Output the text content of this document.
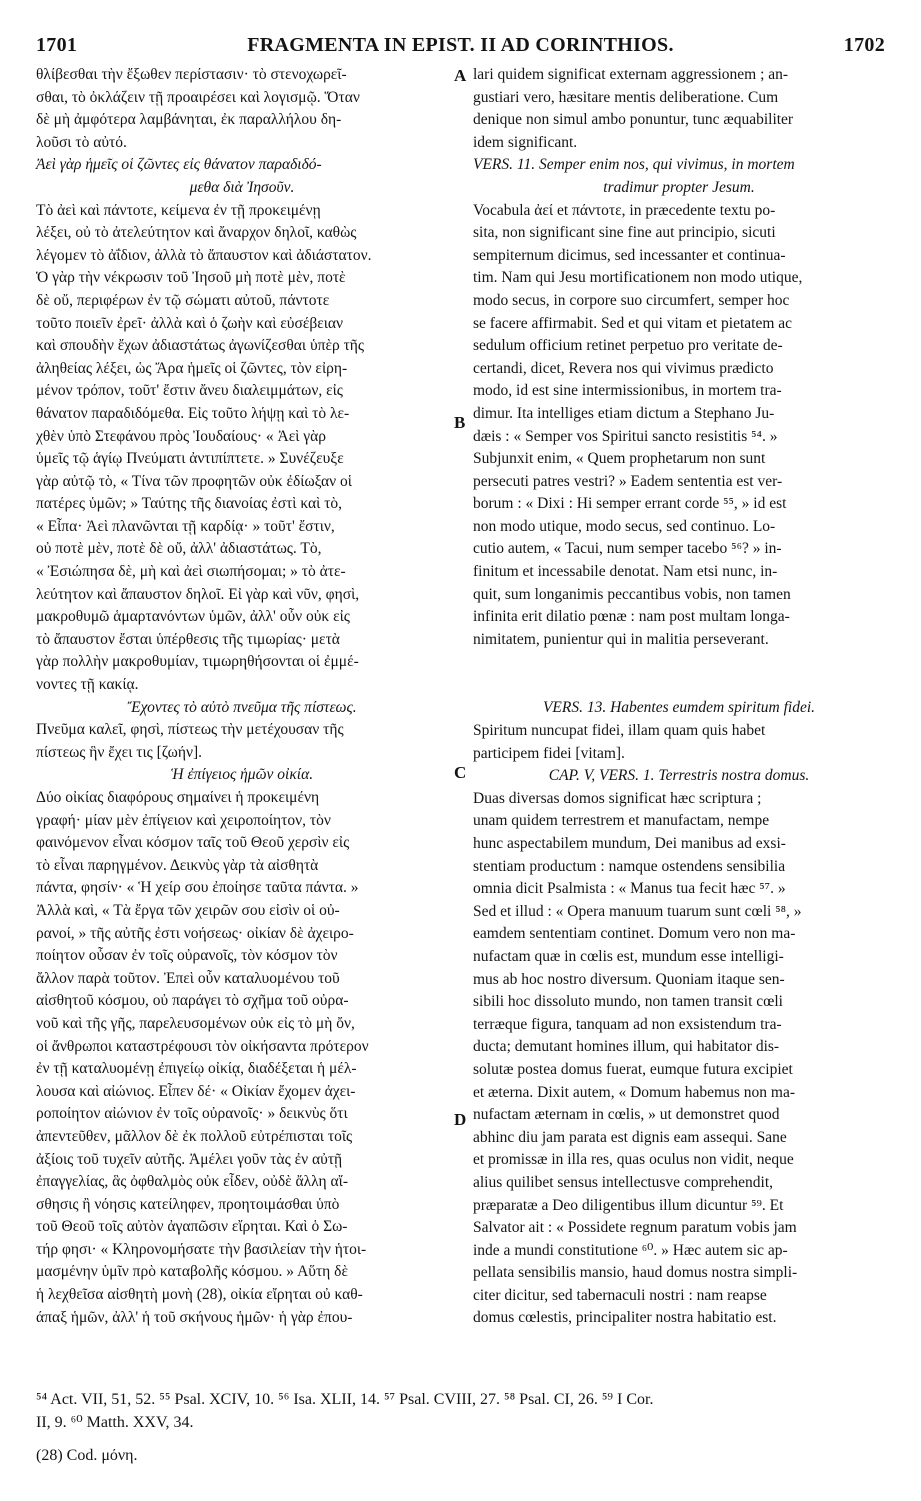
1701	FRAGMENTA IN EPIST. II AD CORINTHIOS.	1702

θλίβεσθαι τὴν ἔξωθεν περίστασιν· τὸ στενοχωρεῖ-

σθαι, τὸ ὀκλάζειν τῇ προαιρέσει καὶ λογισμῷ. Ὅταν

δὲ μὴ ἀμφότερα λαμβάνηται, ἐκ παραλλήλου δη-

λοῦσι τὸ αὐτό.

Ἀεὶ γὰρ ἡμεῖς οἱ ζῶντες εἰς θάνατον παραδιδό-

μεθα διὰ Ἰησοῦν.

Τὸ ἀεὶ καὶ πάντοτε, κείμενα ἐν τῇ προκειμένῃ

λέξει, οὐ τὸ ἀτελεύτητον καὶ ἄναρχον δηλοῖ, καθὼς

λέγομεν τὸ ἀΐδιον, ἀλλὰ τὸ ἄπαυστον καὶ ἀδιάστατον.

Ὁ γὰρ τὴν νέκρωσιν τοῦ Ἰησοῦ μὴ ποτὲ μὲν, ποτὲ

δὲ οὔ, περιφέρων ἐν τῷ σώματι αὐτοῦ, πάντοτε

τοῦτο ποιεῖν ἐρεῖ· ἀλλὰ καὶ ὁ ζωὴν καὶ εὐσέβειαν

καὶ σπουδὴν ἔχων ἀδιαστάτως ἀγωνίζεσθαι ὑπὲρ τῆς

ἀληθείας λέξει, ὡς Ἄρα ἡμεῖς οἱ ζῶντες, τὸν εἰρη-

μένον τρόπον, τοῦτ' ἔστιν ἄνευ διαλειμμάτων, εἰς

θάνατον παραδιδόμεθα. Εἰς τοῦτο λήψῃ καὶ τὸ λε-

χθὲν ὑπὸ Στεφάνου πρὸς Ἰουδαίους· « Ἀεὶ γὰρ

ὑμεῖς τῷ ἁγίῳ Πνεύματι ἀντιπίπτετε. » Συνέζευξε

γὰρ αὐτῷ τὸ, « Τίνα τῶν προφητῶν οὐκ ἐδίωξαν οἱ

πατέρες ὑμῶν; » Ταύτης τῆς διανοίας ἐστὶ καὶ τὸ,

« Εἶπα· Ἀεὶ πλανῶνται τῇ καρδίᾳ· » τοῦτ' ἔστιν,

οὐ ποτὲ μὲν, ποτὲ δὲ οὔ, ἀλλ' ἀδιαστάτως. Τὸ,

« Ἐσιώπησα δὲ, μὴ καὶ ἀεὶ σιωπήσομαι; » τὸ ἀτε-

λεύτητον καὶ ἄπαυστον δηλοῖ. Εἰ γὰρ καὶ νῦν, φησὶ,

μακροθυμῶ ἁμαρτανόντων ὑμῶν, ἀλλ' οὖν οὐκ εἰς

τὸ ἄπαυστον ἔσται ὑπέρθεσις τῆς τιμωρίας· μετὰ

γὰρ πολλὴν μακροθυμίαν, τιμωρηθήσονται οἱ ἐμμέ-

νοντες τῇ κακίᾳ.

Ἔχοντες τὸ αὐτὸ πνεῦμα τῆς πίστεως.

Πνεῦμα καλεῖ, φησὶ, πίστεως τὴν μετέχουσαν τῆς

πίστεως ἣν ἔχει τις [ζωήν].

Ἡ ἐπίγειος ἡμῶν οἰκία.

Δύο οἰκίας διαφόρους σημαίνει ἡ προκειμένη

γραφή· μίαν μὲν ἐπίγειον καὶ χειροποίητον, τὸν

φαινόμενον εἶναι κόσμον ταῖς τοῦ Θεοῦ χερσὶν εἰς

τὸ εἶναι παρηγμένον. Δεικνὺς γὰρ τὰ αἰσθητὰ

πάντα, φησίν· « Ἡ χείρ σου ἐποίησε ταῦτα πάντα. »

Ἀλλὰ καὶ, « Τὰ ἔργα τῶν χειρῶν σου εἰσὶν οἱ οὐ-

ρανοί, » τῆς αὐτῆς ἐστι νοήσεως· οἰκίαν δὲ ἀχειρο-

ποίητον οὖσαν ἐν τοῖς οὐρανοῖς, τὸν κόσμον τὸν

ἄλλον παρὰ τοῦτον. Ἐπεὶ οὖν καταλυομένου τοῦ

αἰσθητοῦ κόσμου, οὐ παράγει τὸ σχῆμα τοῦ οὐρα-

νοῦ καὶ τῆς γῆς, παρελευσομένων οὐκ εἰς τὸ μὴ ὄν,

οἱ ἄνθρωποι καταστρέφουσι τὸν οἰκήσαντα πρότερον

ἐν τῇ καταλυομένῃ ἐπιγείῳ οἰκίᾳ, διαδέξεται ἡ μέλ-

λουσα καὶ αἰώνιος. Εἶπεν δέ· « Οἰκίαν ἔχομεν ἀχει-

ροποίητον αἰώνιον ἐν τοῖς οὐρανοῖς· » δεικνὺς ὅτι

ἀπεντεῦθεν, μᾶλλον δὲ ἐκ πολλοῦ εὐτρέπισται τοῖς

ἀξίοις τοῦ τυχεῖν αὐτῆς. Ἀμέλει γοῦν τὰς ἐν αὐτῇ

ἐπαγγελίας, ἃς ὀφθαλμὸς οὐκ εἶδεν, οὐδὲ ἄλλη αἴ-

σθησις ἢ νόησις κατείληφεν, προητοιμάσθαι ὑπὸ

τοῦ Θεοῦ τοῖς αὐτὸν ἀγαπῶσιν εἴρηται. Καὶ ὁ Σω-

τήρ φησι· « Κληρονομήσατε τὴν βασιλείαν τὴν ἡτοι-

μασμένην ὑμῖν πρὸ καταβολῆς κόσμου. » Αὕτη δὲ

ἡ λεχθεῖσα αἰσθητὴ μονὴ (28), οἰκία εἴρηται οὐ καθ-

άπαξ ἡμῶν, ἀλλ' ἡ τοῦ σκήνους ἡμῶν· ἡ γὰρ ἐπου-

A
B
C
D

lari quidem significat externam aggressionem ; an-

gustiari vero, hæsitare mentis deliberatione. Cum

denique non simul ambo ponuntur, tunc æquabiliter

idem significant.

VERS. 11. Semper enim nos, qui vivimus, in mortem

tradimur propter Jesum.

Vocabula ἀεί et πάντοτε, in præcedente textu po-

sita, non significant sine fine aut principio, sicuti

sempiternum dicimus, sed incessanter et continua-

tim. Nam qui Jesu mortificationem non modo utique,

modo secus, in corpore suo circumfert, semper hoc

se facere affirmabit. Sed et qui vitam et pietatem ac

sedulum officium retinet perpetuo pro veritate de-

certandi, dicet, Revera nos qui vivimus prædicto

modo, id est sine intermissionibus, in mortem tra-

dimur. Ita intelliges etiam dictum a Stephano Ju-

dæis : « Semper vos Spiritui sancto resistitis ⁵⁴. »

Subjunxit enim, « Quem prophetarum non sunt

persecuti patres vestri? » Eadem sententia est ver-

borum : « Dixi : Hi semper errant corde ⁵⁵, » id est

non modo utique, modo secus, sed continuo. Lo-

cutio autem, « Tacui, num semper tacebo ⁵⁶? » in-

finitum et incessabile denotat. Nam etsi nunc, in-

quit, sum longanimis peccantibus vobis, non tamen

infinita erit dilatio pœnæ : nam post multam longa-

nimitatem, punientur qui in malitia perseverant.

VERS. 13. Habentes eumdem spiritum fidei.

Spiritum nuncupat fidei, illam quam quis habet

participem fidei [vitam].

CAP. V, VERS. 1. Terrestris nostra domus.

Duas diversas domos significat hæc scriptura ;

unam quidem terrestrem et manufactam, nempe

hunc aspectabilem mundum, Dei manibus ad exsi-

stentiam productum : namque ostendens sensibilia

omnia dicit Psalmista : « Manus tua fecit hæc ⁵⁷. »

Sed et illud : « Opera manuum tuarum sunt cœli ⁵⁸, »

eamdem sententiam continet. Domum vero non ma-

nufactam quæ in cœlis est, mundum esse intelligi-

mus ab hoc nostro diversum. Quoniam itaque sen-

sibili hoc dissoluto mundo, non tamen transit cœli

terræque figura, tanquam ad non exsistendum tra-

ducta; demutant homines illum, qui habitator dis-

solutæ postea domus fuerat, eumque futura excipiet

et æterna. Dixit autem, « Domum habemus non ma-

nufactam æternam in cœlis, » ut demonstret quod

abhinc diu jam parata est dignis eam assequi. Sane

et promissæ in illa res, quas oculus non vidit, neque

alius quilibet sensus intellectusve comprehendit,

præparatæ a Deo diligentibus illum dicuntur ⁵⁹. Et

Salvator ait : « Possidete regnum paratum vobis jam

inde a mundi constitutione ⁶⁰. » Hæc autem sic ap-

pellata sensibilis mansio, haud domus nostra simpli-

citer dicitur, sed tabernaculi nostri : nam reapse

domus cœlestis, principaliter nostra habitatio est.

⁵⁴ Act. VII, 51, 52. ⁵⁵ Psal. XCIV, 10. ⁵⁶ Isa. XLII, 14. ⁵⁷ Psal. CVIII, 27. ⁵⁸ Psal. CI, 26. ⁵⁹ I Cor.

II, 9. ⁶⁰ Matth. XXV, 34.

(28) Cod. μόνη.
